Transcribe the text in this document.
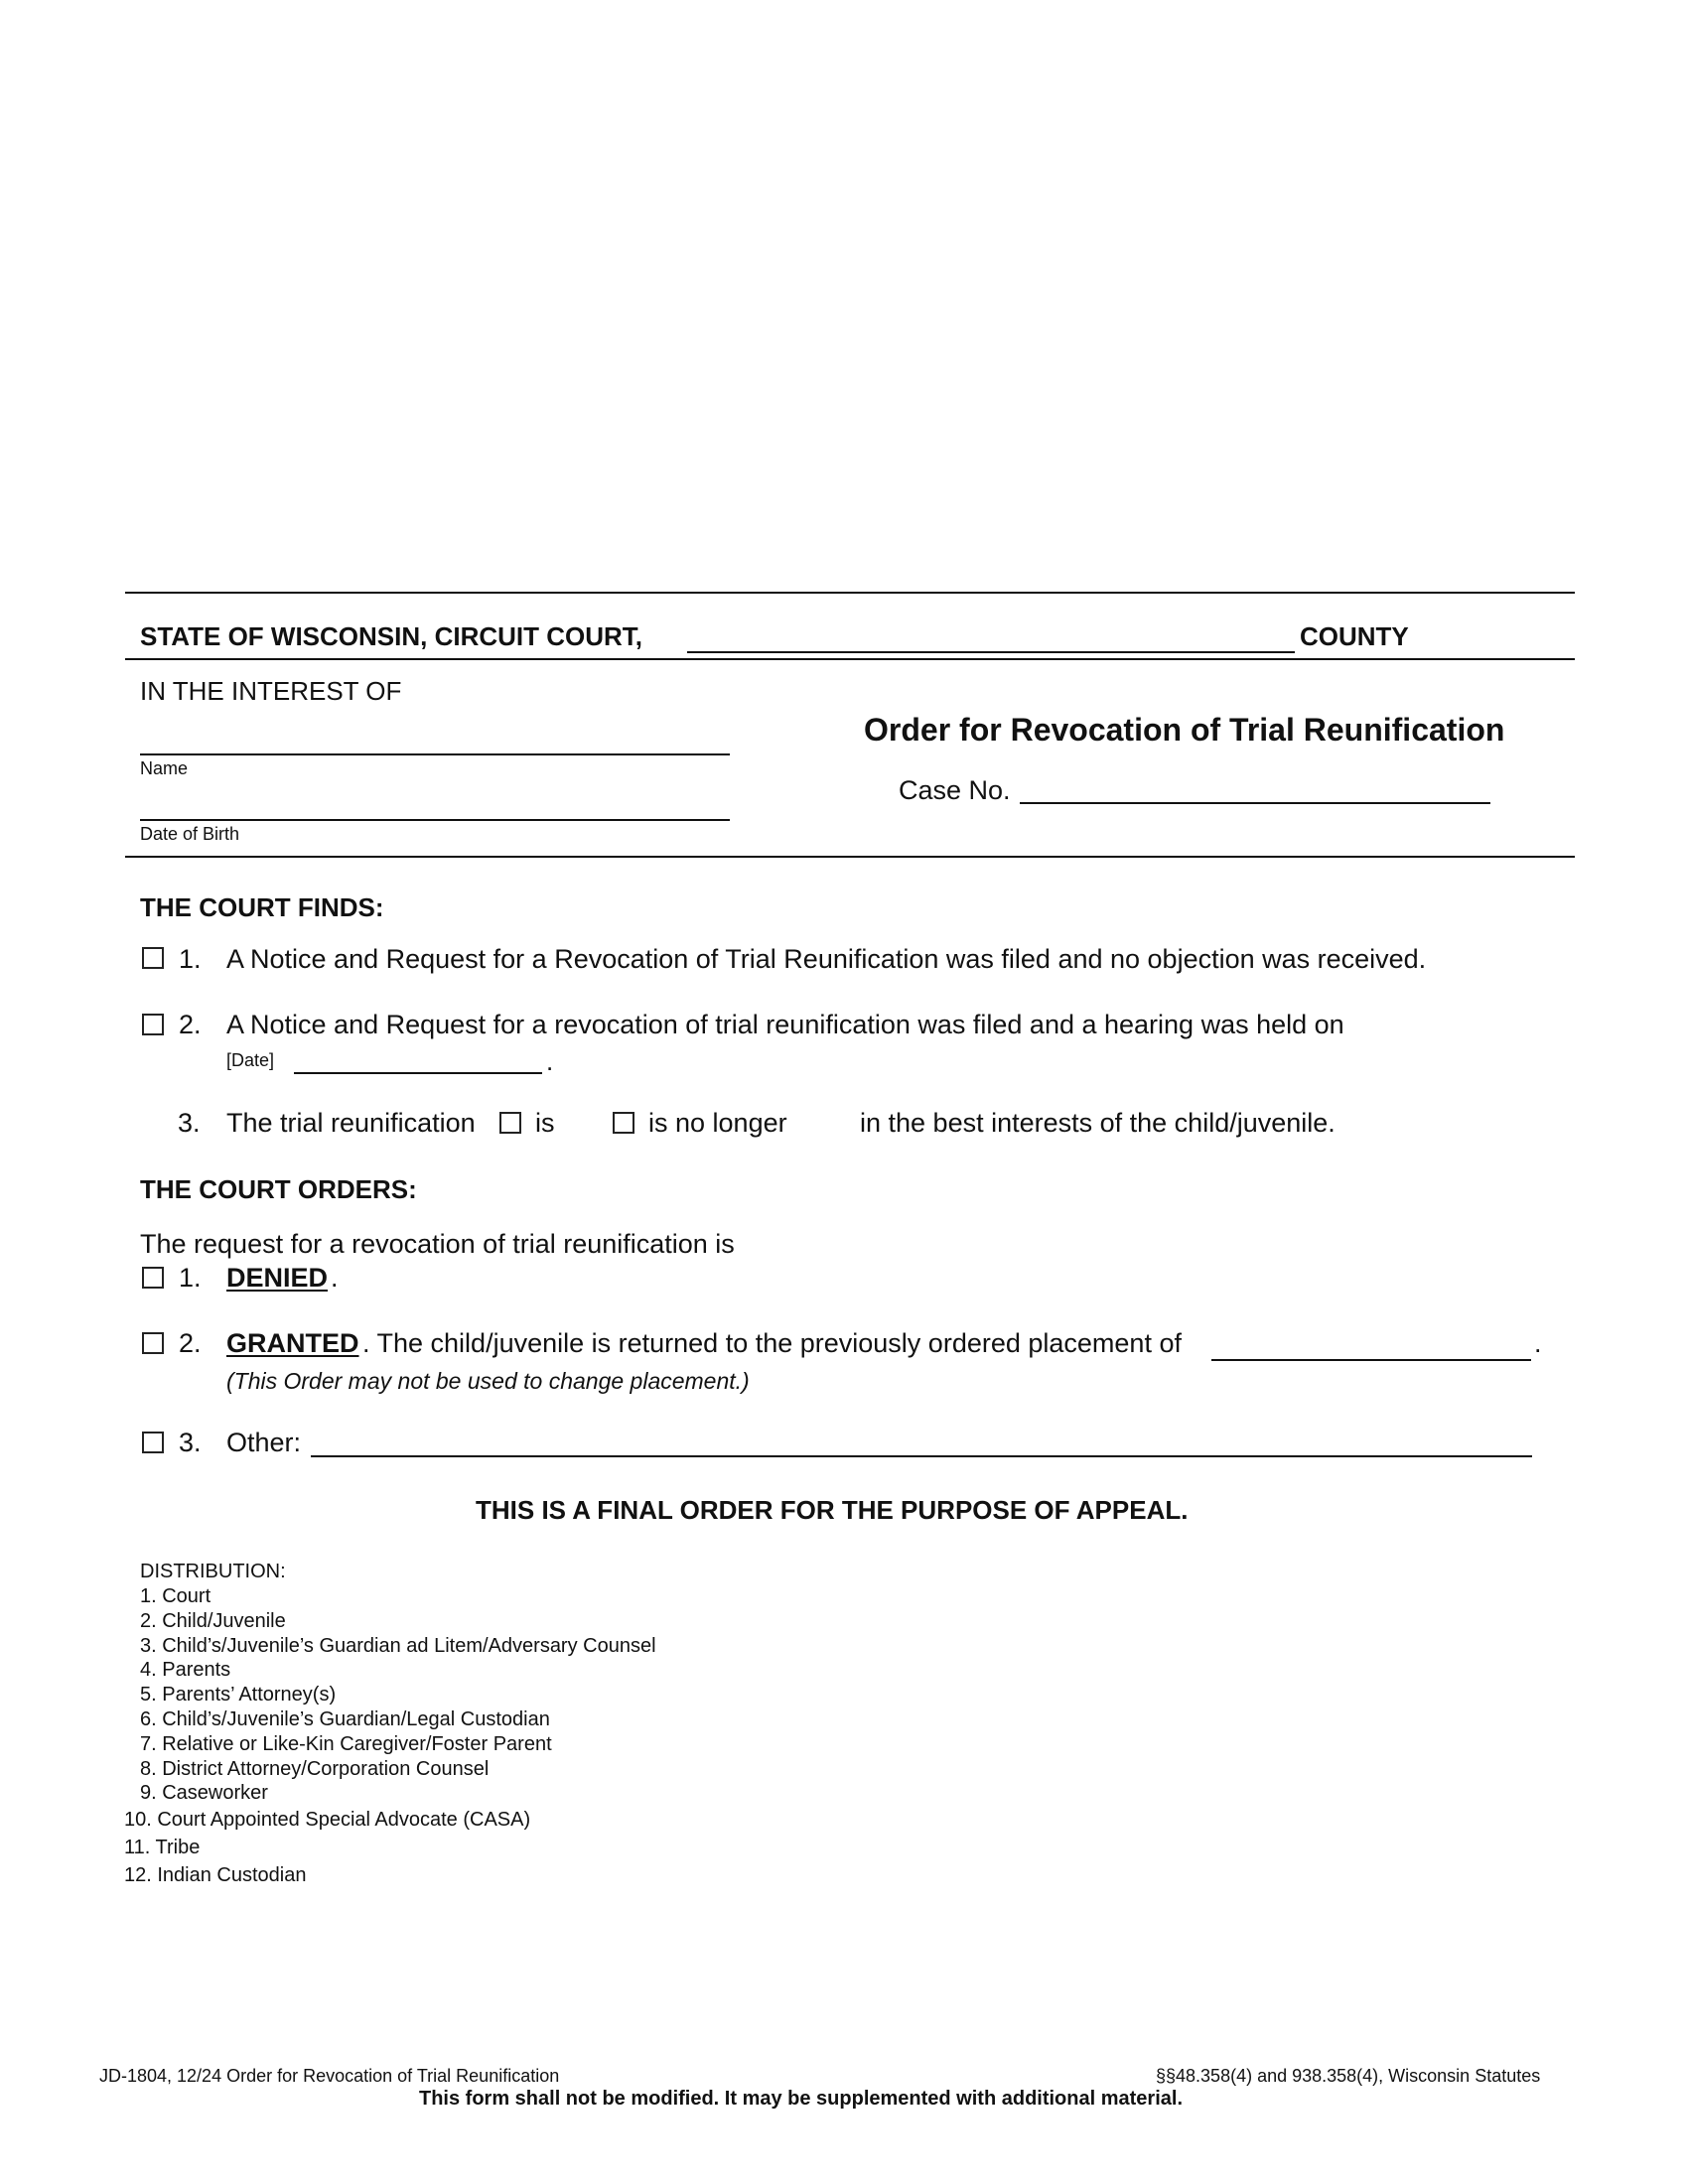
STATE OF WISCONSIN, CIRCUIT COURT,	COUNTY
IN THE INTEREST OF
Name
Date of Birth
Order for Revocation of Trial Reunification
Case No.
THE COURT FINDS:
1. A Notice and Request for a Revocation of Trial Reunification was filed and no objection was received.
2. A Notice and Request for a revocation of trial reunification was filed and a hearing was held on
[Date]	.
3. The trial reunification is	is no longer	in the best interests of the child/juvenile.
THE COURT ORDERS:
The request for a revocation of trial reunification is
1. DENIED .
2. GRANTED . The child/juvenile is returned to the previously ordered placement of	.
(This Order may not be used to change placement.)
3. Other:
THIS IS A FINAL ORDER FOR THE PURPOSE OF APPEAL.
DISTRIBUTION:
1. Court
2. Child/Juvenile
3. Child’s/Juvenile’s Guardian ad Litem/Adversary Counsel
4. Parents
5. Parents’ Attorney(s)
6. Child’s/Juvenile’s Guardian/Legal Custodian
7. Relative or Like-Kin Caregiver/Foster Parent
8. District Attorney/Corporation Counsel
9. Caseworker
10. Court Appointed Special Advocate (CASA)
11. Tribe
12. Indian Custodian
JD-1804, 12/24 Order for Revocation of Trial Reunification	§§48.358(4) and 938.358(4), Wisconsin Statutes
This form shall not be modified. It may be supplemented with additional material.
